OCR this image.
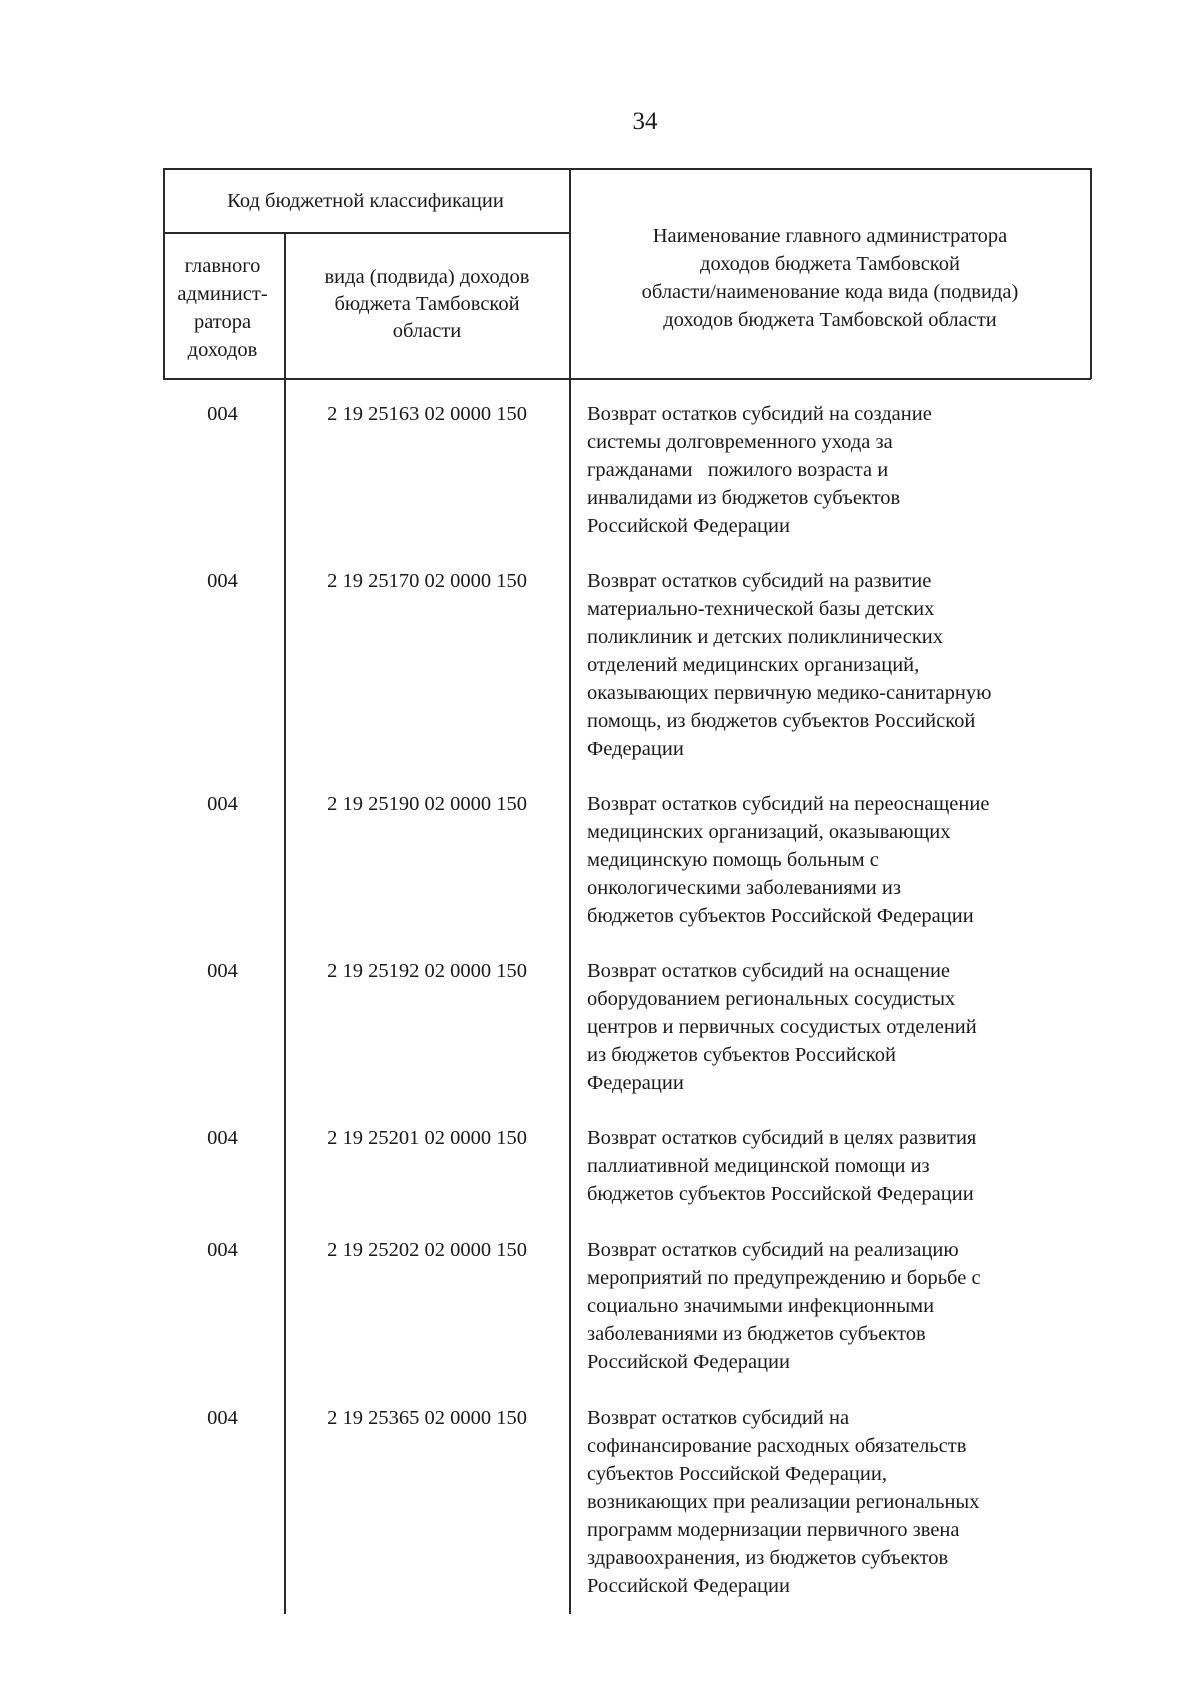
34
Код бюджетной классификации
главного
админист-
ратора
доходов
вида (подвида) доходов
бюджета Тамбовской
области
Наименование главного администратора
доходов бюджета Тамбовской
области/наименование кода вида (подвида)
доходов бюджета Тамбовской области
004	2 19 25163 02 0000 150	Возврат остатков субсидий на создание
системы долговременного ухода за
гражданами   пожилого возраста и
инвалидами из бюджетов субъектов
Российской Федерации
004	2 19 25170 02 0000 150	Возврат остатков субсидий на развитие
материально-технической базы детских
поликлиник и детских поликлинических
отделений медицинских организаций,
оказывающих первичную медико-санитарную
помощь, из бюджетов субъектов Российской
Федерации
004	2 19 25190 02 0000 150	Возврат остатков субсидий на переоснащение
медицинских организаций, оказывающих
медицинскую помощь больным с
онкологическими заболеваниями из
бюджетов субъектов Российской Федерации
004	2 19 25192 02 0000 150	Возврат остатков субсидий на оснащение
оборудованием региональных сосудистых
центров и первичных сосудистых отделений
из бюджетов субъектов Российской
Федерации
004	2 19 25201 02 0000 150	Возврат остатков субсидий в целях развития
паллиативной медицинской помощи из
бюджетов субъектов Российской Федерации
004	2 19 25202 02 0000 150	Возврат остатков субсидий на реализацию
мероприятий по предупреждению и борьбе с
социально значимыми инфекционными
заболеваниями из бюджетов субъектов
Российской Федерации
004	2 19 25365 02 0000 150	Возврат остатков субсидий на
софинансирование расходных обязательств
субъектов Российской Федерации,
возникающих при реализации региональных
программ модернизации первичного звена
здравоохранения, из бюджетов субъектов
Российской Федерации
